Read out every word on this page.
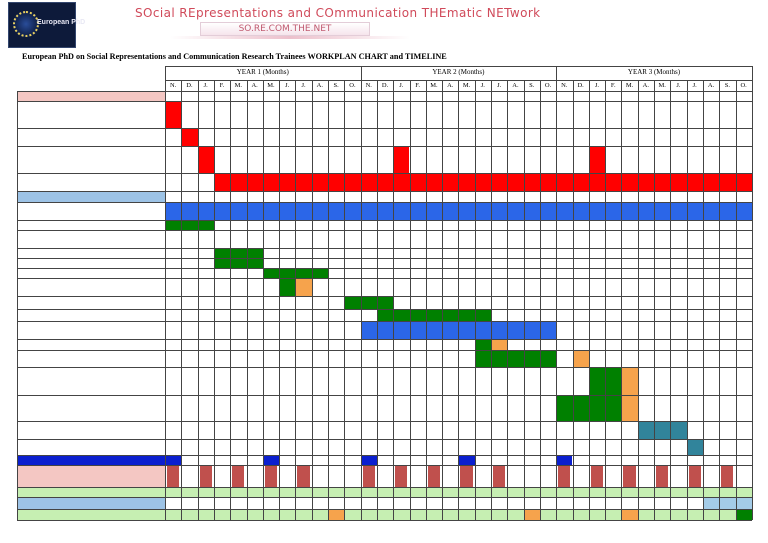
European PhD
SOcial REpresentations and COmmunication THEmatic NETwork
SO.RE.COM.THE.NET
European PhD on Social Representations and Communication Research Trainees WORKPLAN CHART and TIMELINE
YEAR 1 (Months)	YEAR 2 (Months)	YEAR 3 (Months)
N.	D.	J.	F.	M.	A.	M.	J.	J.	A.	S.	O.	N.	D.	J.	F.	M.	A.	M.	J.	J.	A.	S.	O.	N.	D.	J.	F.	M.	A.	M.	J.	J.	A.	S.	O.
